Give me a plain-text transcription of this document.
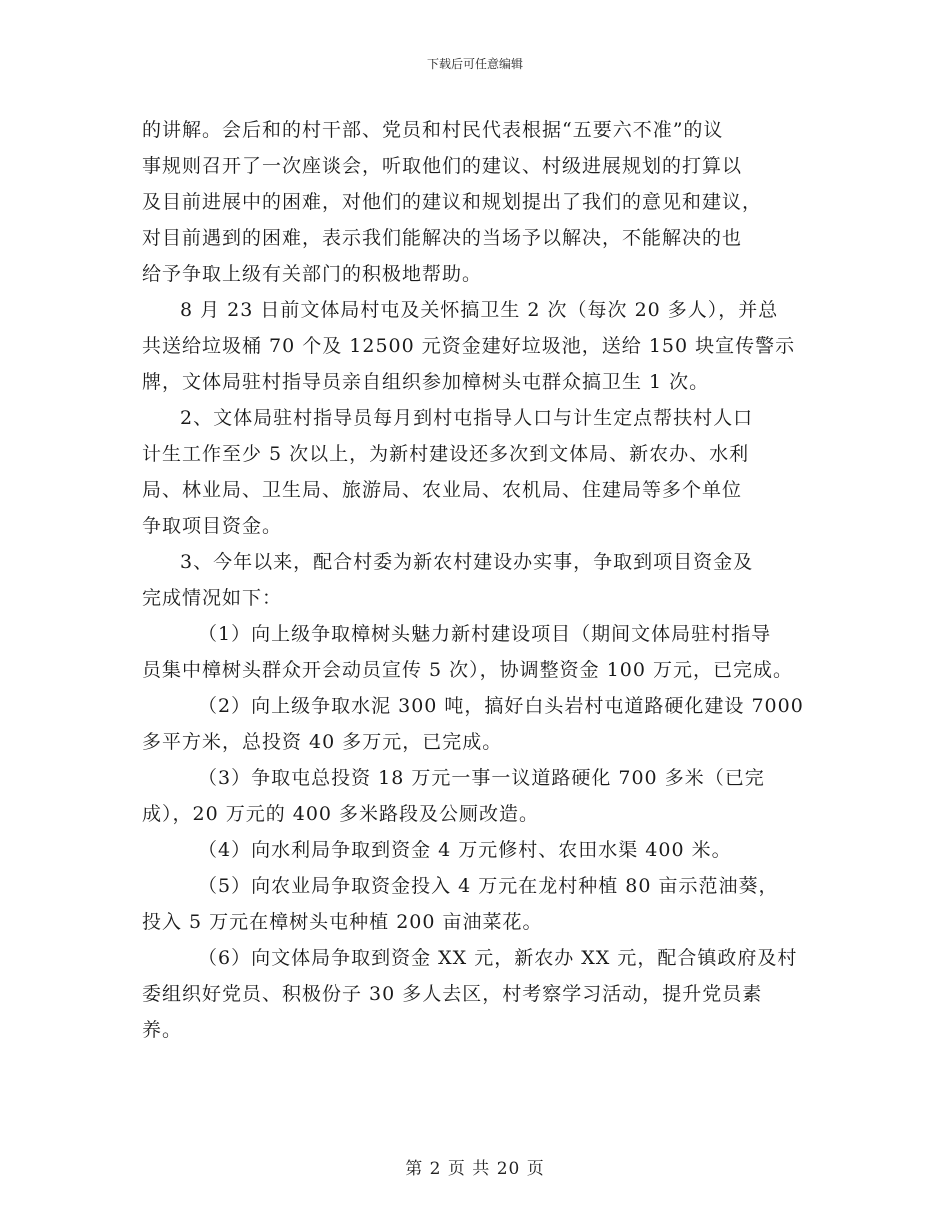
下载后可任意编辑
的讲解。会后和的村干部、党员和村民代表根据“五要六不准”的议
事规则召开了一次座谈会，听取他们的建议、村级进展规划的打算以
及目前进展中的困难，对他们的建议和规划提出了我们的意见和建议，
对目前遇到的困难，表示我们能解决的当场予以解决，不能解决的也
给予争取上级有关部门的积极地帮助。
8 月 23 日前文体局村屯及关怀搞卫生 2 次（每次 20 多人），并总
共送给垃圾桶 70 个及 12500 元资金建好垃圾池，送给 150 块宣传警示
牌，文体局驻村指导员亲自组织参加樟树头屯群众搞卫生 1 次。
2、文体局驻村指导员每月到村屯指导人口与计生定点帮扶村人口
计生工作至少 5 次以上，为新村建设还多次到文体局、新农办、水利
局、林业局、卫生局、旅游局、农业局、农机局、住建局等多个单位
争取项目资金。
3、今年以来，配合村委为新农村建设办实事，争取到项目资金及
完成情况如下：
（1）向上级争取樟树头魅力新村建设项目（期间文体局驻村指导
员集中樟树头群众开会动员宣传 5 次），协调整资金 100 万元，已完成。
（2）向上级争取水泥 300 吨，搞好白头岩村屯道路硬化建设 7000
多平方米，总投资 40 多万元，已完成。
（3）争取屯总投资 18 万元一事一议道路硬化 700 多米（已完
成），20 万元的 400 多米路段及公厕改造。
（4）向水利局争取到资金 4 万元修村、农田水渠 400 米。
（5）向农业局争取资金投入 4 万元在龙村种植 80 亩示范油葵，
投入 5 万元在樟树头屯种植 200 亩油菜花。
（6）向文体局争取到资金 XX 元，新农办 XX 元，配合镇政府及村
委组织好党员、积极份子 30 多人去区，村考察学习活动，提升党员素
养。
第 2 页 共 20 页
